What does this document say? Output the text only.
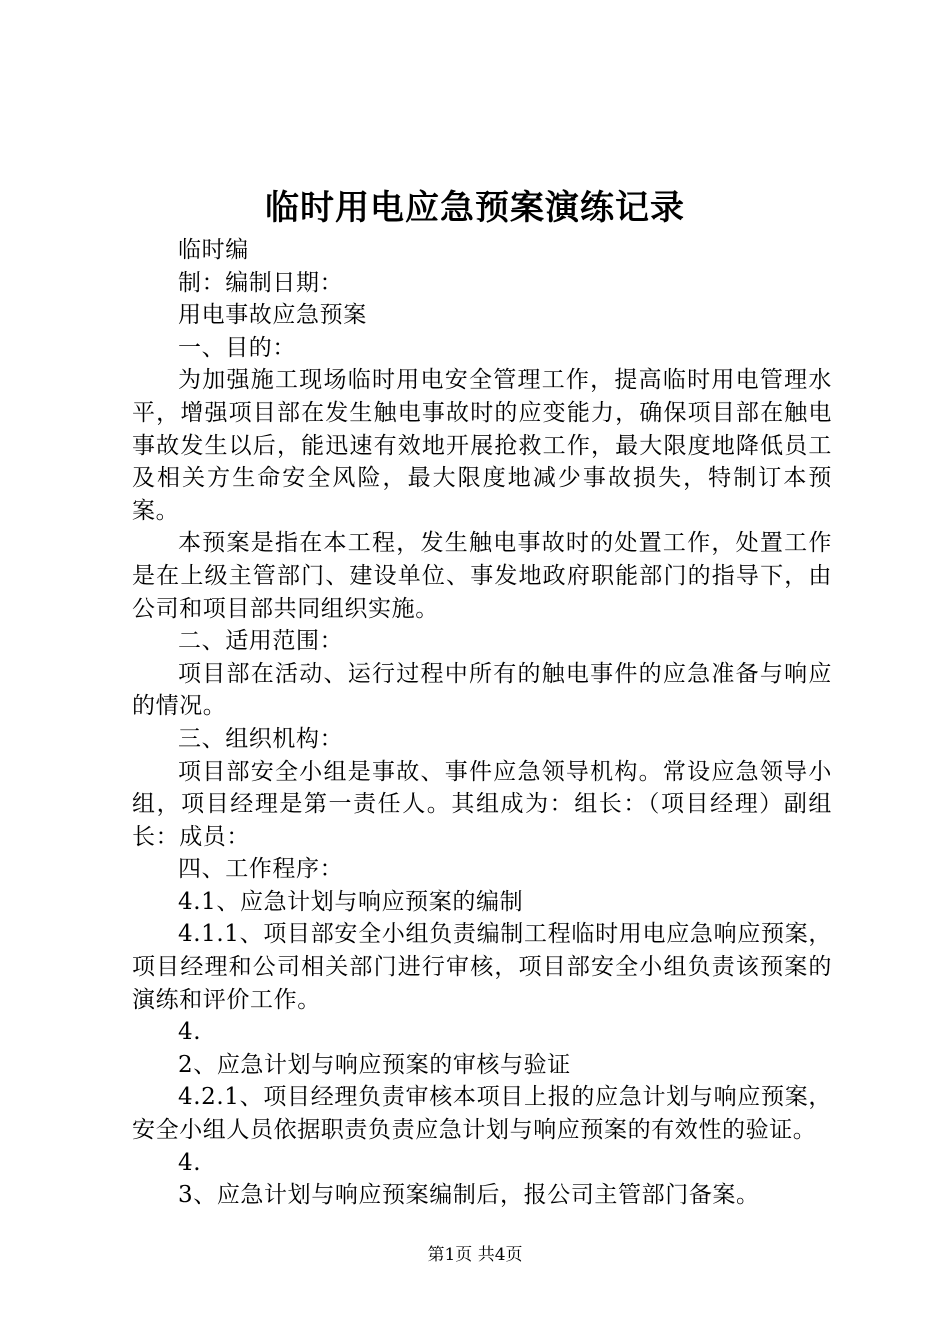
临时用电应急预案演练记录

临时编

制：编制日期：

用电事故应急预案

一、目的：

为加强施工现场临时用电安全管理工作，提高临时用电管理水平，增强项目部在发生触电事故时的应变能力，确保项目部在触电事故发生以后，能迅速有效地开展抢救工作，最大限度地降低员工及相关方生命安全风险，最大限度地减少事故损失，特制订本预案。

本预案是指在本工程，发生触电事故时的处置工作，处置工作是在上级主管部门、建设单位、事发地政府职能部门的指导下，由公司和项目部共同组织实施。

二、适用范围：

项目部在活动、运行过程中所有的触电事件的应急准备与响应的情况。

三、组织机构：

项目部安全小组是事故、事件应急领导机构。常设应急领导小组，项目经理是第一责任人。其组成为：组长：（项目经理）副组长：成员：

四、工作程序：

4.1、应急计划与响应预案的编制

4.1.1、项目部安全小组负责编制工程临时用电应急响应预案，项目经理和公司相关部门进行审核，项目部安全小组负责该预案的演练和评价工作。

4.

2、应急计划与响应预案的审核与验证

4.2.1、项目经理负责审核本项目上报的应急计划与响应预案，安全小组人员依据职责负责应急计划与响应预案的有效性的验证。

4.

3、应急计划与响应预案编制后，报公司主管部门备案。

第1页 共4页
